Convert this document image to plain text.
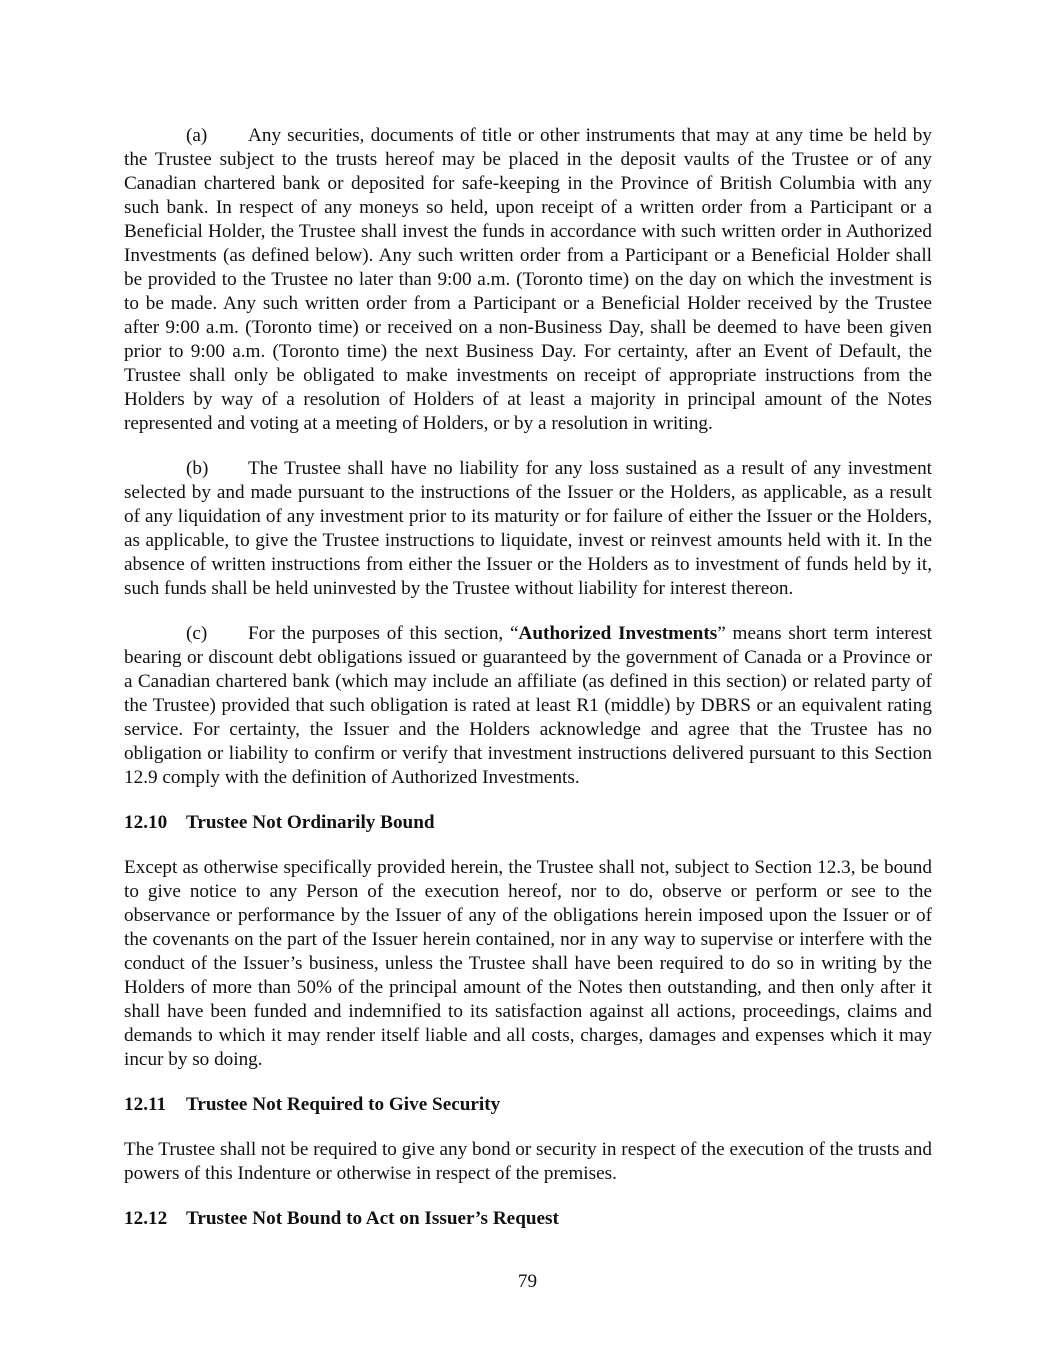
(a) Any securities, documents of title or other instruments that may at any time be held by the Trustee subject to the trusts hereof may be placed in the deposit vaults of the Trustee or of any Canadian chartered bank or deposited for safe-keeping in the Province of British Columbia with any such bank. In respect of any moneys so held, upon receipt of a written order from a Participant or a Beneficial Holder, the Trustee shall invest the funds in accordance with such written order in Authorized Investments (as defined below). Any such written order from a Participant or a Beneficial Holder shall be provided to the Trustee no later than 9:00 a.m. (Toronto time) on the day on which the investment is to be made. Any such written order from a Participant or a Beneficial Holder received by the Trustee after 9:00 a.m. (Toronto time) or received on a non-Business Day, shall be deemed to have been given prior to 9:00 a.m. (Toronto time) the next Business Day. For certainty, after an Event of Default, the Trustee shall only be obligated to make investments on receipt of appropriate instructions from the Holders by way of a resolution of Holders of at least a majority in principal amount of the Notes represented and voting at a meeting of Holders, or by a resolution in writing.

(b) The Trustee shall have no liability for any loss sustained as a result of any investment selected by and made pursuant to the instructions of the Issuer or the Holders, as applicable, as a result of any liquidation of any investment prior to its maturity or for failure of either the Issuer or the Holders, as applicable, to give the Trustee instructions to liquidate, invest or reinvest amounts held with it. In the absence of written instructions from either the Issuer or the Holders as to investment of funds held by it, such funds shall be held uninvested by the Trustee without liability for interest thereon.

(c) For the purposes of this section, “Authorized Investments” means short term interest bearing or discount debt obligations issued or guaranteed by the government of Canada or a Province or a Canadian chartered bank (which may include an affiliate (as defined in this section) or related party of the Trustee) provided that such obligation is rated at least R1 (middle) by DBRS or an equivalent rating service. For certainty, the Issuer and the Holders acknowledge and agree that the Trustee has no obligation or liability to confirm or verify that investment instructions delivered pursuant to this Section 12.9 comply with the definition of Authorized Investments.

12.10 Trustee Not Ordinarily Bound

Except as otherwise specifically provided herein, the Trustee shall not, subject to Section 12.3, be bound to give notice to any Person of the execution hereof, nor to do, observe or perform or see to the observance or performance by the Issuer of any of the obligations herein imposed upon the Issuer or of the covenants on the part of the Issuer herein contained, nor in any way to supervise or interfere with the conduct of the Issuer’s business, unless the Trustee shall have been required to do so in writing by the Holders of more than 50% of the principal amount of the Notes then outstanding, and then only after it shall have been funded and indemnified to its satisfaction against all actions, proceedings, claims and demands to which it may render itself liable and all costs, charges, damages and expenses which it may incur by so doing.

12.11 Trustee Not Required to Give Security

The Trustee shall not be required to give any bond or security in respect of the execution of the trusts and powers of this Indenture or otherwise in respect of the premises.

12.12 Trustee Not Bound to Act on Issuer’s Request
79
